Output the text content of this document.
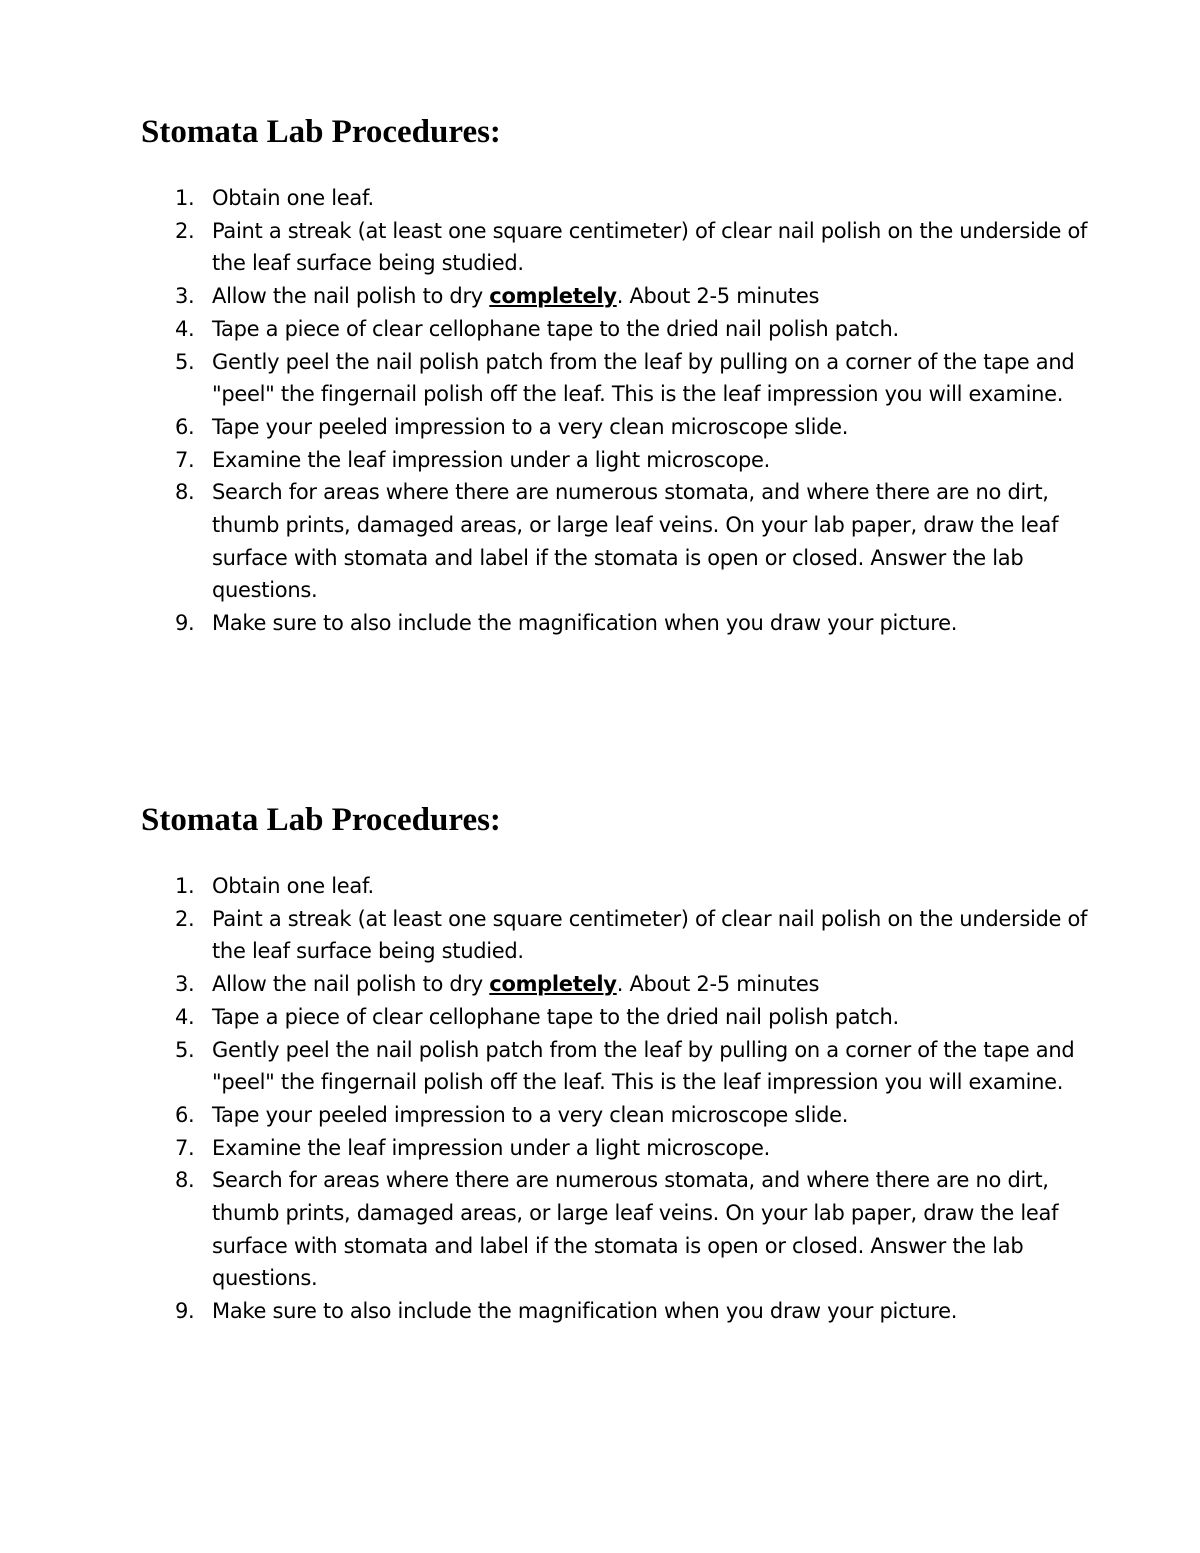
Stomata Lab Procedures:
1. Obtain one leaf.
2. Paint a streak (at least one square centimeter) of clear nail polish on the underside of the leaf surface being studied.
3. Allow the nail polish to dry completely. About 2-5 minutes
4. Tape a piece of clear cellophane tape to the dried nail polish patch.
5. Gently peel the nail polish patch from the leaf by pulling on a corner of the tape and "peel" the fingernail polish off the leaf. This is the leaf impression you will examine.
6. Tape your peeled impression to a very clean microscope slide.
7. Examine the leaf impression under a light microscope.
8. Search for areas where there are numerous stomata, and where there are no dirt, thumb prints, damaged areas, or large leaf veins. On your lab paper, draw the leaf surface with stomata and label if the stomata is open or closed. Answer the lab questions.
9. Make sure to also include the magnification when you draw your picture.
Stomata Lab Procedures:
1. Obtain one leaf.
2. Paint a streak (at least one square centimeter) of clear nail polish on the underside of the leaf surface being studied.
3. Allow the nail polish to dry completely. About 2-5 minutes
4. Tape a piece of clear cellophane tape to the dried nail polish patch.
5. Gently peel the nail polish patch from the leaf by pulling on a corner of the tape and "peel" the fingernail polish off the leaf. This is the leaf impression you will examine.
6. Tape your peeled impression to a very clean microscope slide.
7. Examine the leaf impression under a light microscope.
8. Search for areas where there are numerous stomata, and where there are no dirt, thumb prints, damaged areas, or large leaf veins. On your lab paper, draw the leaf surface with stomata and label if the stomata is open or closed. Answer the lab questions.
9. Make sure to also include the magnification when you draw your picture.
